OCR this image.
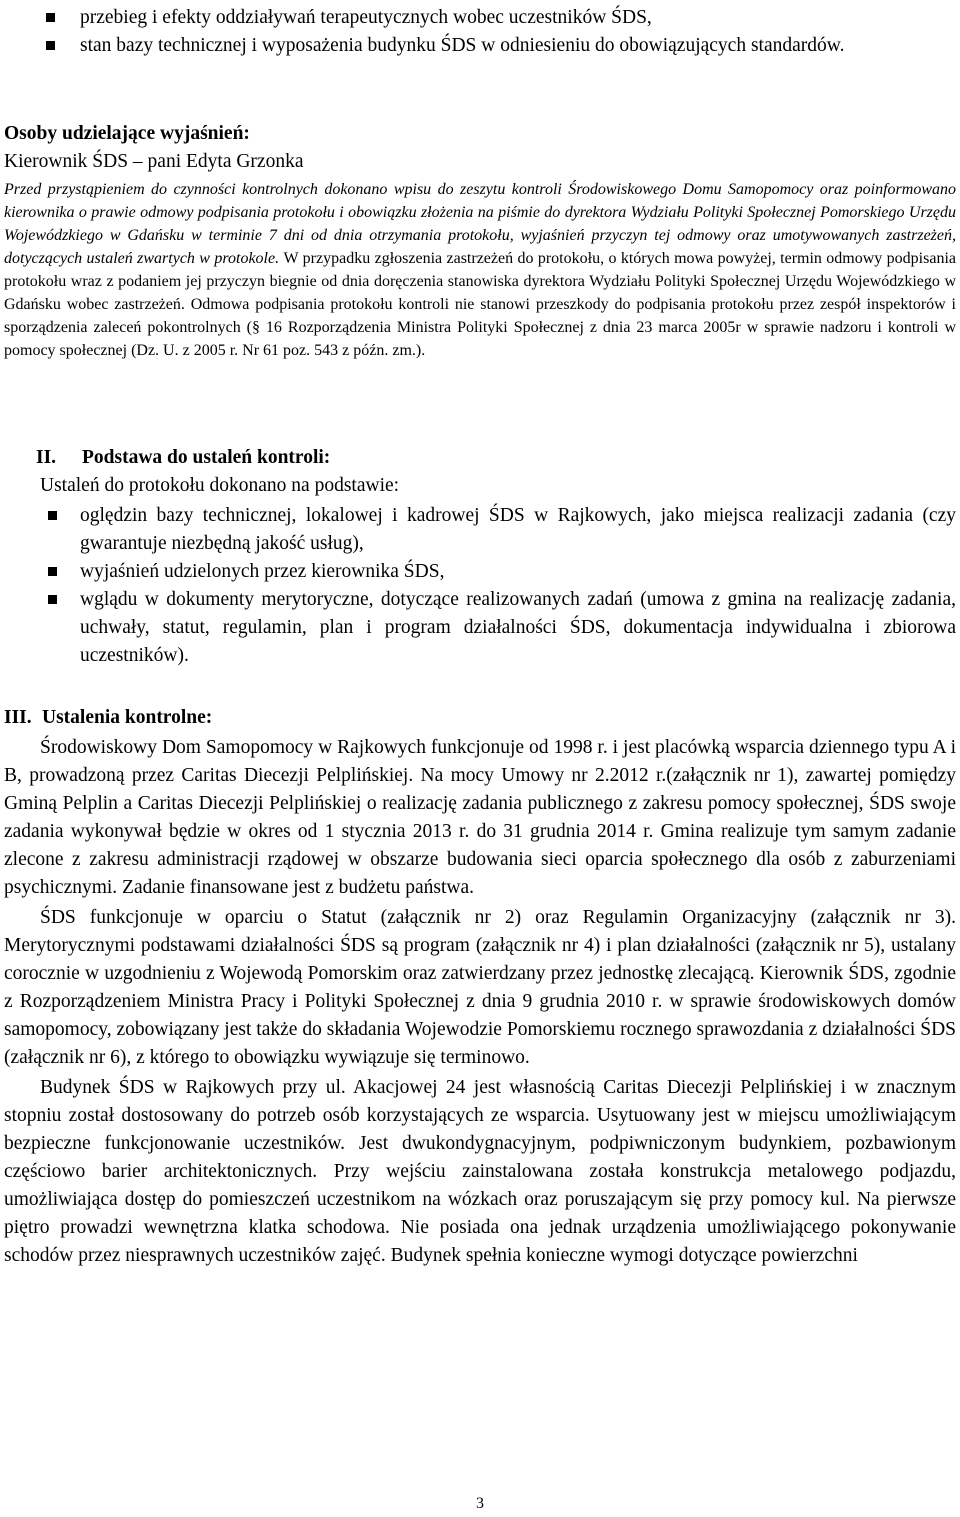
przebieg i efekty oddziaływań terapeutycznych wobec uczestników ŚDS,
stan bazy technicznej i wyposażenia budynku ŚDS w odniesieniu do obowiązujących standardów.
Osoby udzielające wyjaśnień:
Kierownik ŚDS – pani Edyta Grzonka
Przed przystąpieniem do czynności kontrolnych dokonano wpisu do zeszytu kontroli Środowiskowego Domu Samopomocy oraz poinformowano kierownika o prawie odmowy podpisania protokołu i obowiązku złożenia na piśmie do dyrektora Wydziału Polityki Społecznej Pomorskiego Urzędu Wojewódzkiego w Gdańsku w terminie 7 dni od dnia otrzymania protokołu, wyjaśnień przyczyn tej odmowy oraz umotywowanych zastrzeżeń, dotyczących ustaleń zwartych w protokole. W przypadku zgłoszenia zastrzeżeń do protokołu, o których mowa powyżej, termin odmowy podpisania protokołu wraz z podaniem jej przyczyn biegnie od dnia doręczenia stanowiska dyrektora Wydziału Polityki Społecznej Urzędu Wojewódzkiego w Gdańsku wobec zastrzeżeń. Odmowa podpisania protokołu kontroli nie stanowi przeszkody do podpisania protokołu przez zespół inspektorów i sporządzenia zaleceń pokontrolnych (§ 16 Rozporządzenia Ministra Polityki Społecznej z dnia 23 marca 2005r w sprawie nadzoru i kontroli w pomocy społecznej (Dz. U. z 2005 r. Nr 61 poz. 543 z późn. zm.).
II. Podstawa do ustaleń kontroli:
Ustaleń do protokołu dokonano na podstawie:
oględzin bazy technicznej, lokalowej i kadrowej ŚDS w Rajkowych, jako miejsca realizacji zadania (czy gwarantuje niezbędną jakość usług),
wyjaśnień udzielonych przez kierownika ŚDS,
wglądu w dokumenty merytoryczne, dotyczące realizowanych zadań (umowa z gmina na realizację zadania, uchwały, statut, regulamin, plan i program działalności ŚDS, dokumentacja indywidualna i zbiorowa uczestników).
III. Ustalenia kontrolne:

Środowiskowy Dom Samopomocy w Rajkowych funkcjonuje od 1998 r. i jest placówką wsparcia dziennego typu A i B, prowadzoną przez Caritas Diecezji Pelplińskiej. Na mocy Umowy nr 2.2012 r.(załącznik nr 1), zawartej pomiędzy Gminą Pelplin a Caritas Diecezji Pelplińskiej o realizację zadania publicznego z zakresu pomocy społecznej, ŚDS swoje zadania wykonywał będzie w okres od 1 stycznia 2013 r. do 31 grudnia 2014 r. Gmina realizuje tym samym zadanie zlecone z zakresu administracji rządowej w obszarze budowania sieci oparcia społecznego dla osób z zaburzeniami psychicznymi. Zadanie finansowane jest z budżetu państwa.

ŚDS funkcjonuje w oparciu o Statut (załącznik nr 2) oraz Regulamin Organizacyjny (załącznik nr 3). Merytorycznymi podstawami działalności ŚDS są program (załącznik nr 4) i plan działalności (załącznik nr 5), ustalany corocznie w uzgodnieniu z Wojewodą Pomorskim oraz zatwierdzany przez jednostkę zlecającą. Kierownik ŚDS, zgodnie z Rozporządzeniem Ministra Pracy i Polityki Społecznej z dnia 9 grudnia 2010 r. w sprawie środowiskowych domów samopomocy, zobowiązany jest także do składania Wojewodzie Pomorskiemu rocznego sprawozdania z działalności ŚDS (załącznik nr 6), z którego to obowiązku wywiązuje się terminowo.

Budynek ŚDS w Rajkowych przy ul. Akacjowej 24 jest własnością Caritas Diecezji Pelplińskiej i w znacznym stopniu został dostosowany do potrzeb osób korzystających ze wsparcia. Usytuowany jest w miejscu umożliwiającym bezpieczne funkcjonowanie uczestników. Jest dwukondygnacyjnym, podpiwniczonym budynkiem, pozbawionym częściowo barier architektonicznych. Przy wejściu zainstalowana została konstrukcja metalowego podjazdu, umożliwiająca dostęp do pomieszczeń uczestnikom na wózkach oraz poruszającym się przy pomocy kul. Na pierwsze piętro prowadzi wewnętrzna klatka schodowa. Nie posiada ona jednak urządzenia umożliwiającego pokonywanie schodów przez niesprawnych uczestników zajęć. Budynek spełnia konieczne wymogi dotyczące powierzchni

3
